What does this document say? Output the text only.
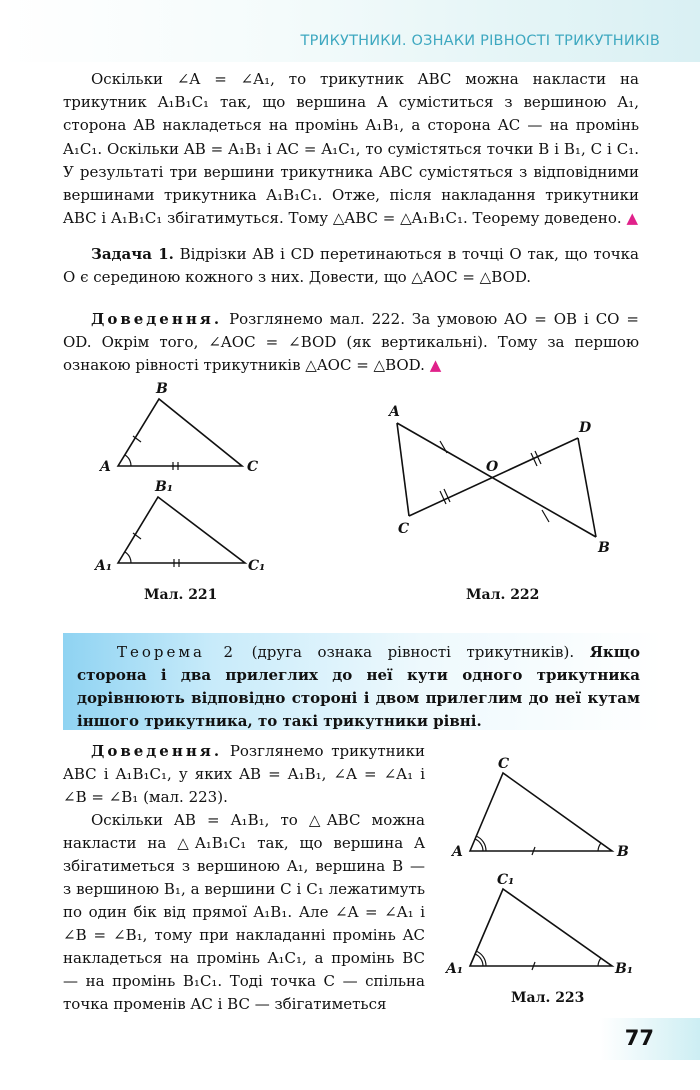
ТРИКУТНИКИ. ОЗНАКИ РІВНОСТІ ТРИКУТНИКІВ

Оскільки ∠A = ∠A₁, то трикутник ABC можна накласти на трикутник A₁B₁C₁ так, що вершина A суміститься з вершиною A₁, сторона AB накладеться на промінь A₁B₁, а сторона AC — на промінь A₁C₁. Оскільки AB = A₁B₁ і AC = A₁C₁, то сумістяться точки B і B₁, C і C₁. У результаті три вершини трикутника ABC сумістяться з відповідними вершинами трикутника A₁B₁C₁. Отже, після накладання трикутники ABC і A₁B₁C₁ збігатимуться. Тому △ABC = △A₁B₁C₁. Теорему доведено. ▲

Задача 1. Відрізки AB і CD перетинаються в точці O так, що точка O є серединою кожного з них. Довести, що △AOC = △BOD.

Доведення. Розглянемо мал. 222. За умовою AO = OB і CO = OD. Окрім того, ∠AOC = ∠BOD (як вертикальні). Тому за першою ознакою рівності трикутників △AOC = △BOD. ▲

A
B
C
A₁
B₁
C₁
A
B
C
D
O
A	B
C
A₁	B₁
C₁
Мал. 221	Мал. 222
Мал. 223
Теорема 2 (друга ознака рівності трикутників). Якщо сторона і два прилеглих до неї кути одного трикутника дорівнюють відповідно стороні і двом прилеглим до неї кутам іншого трикутника, то такі трикутники рівні.

Доведення. Розглянемо трикутники ABC і A₁B₁C₁, у яких AB = A₁B₁, ∠A = ∠A₁ і ∠B = ∠B₁ (мал. 223).

Оскільки AB = A₁B₁, то △ABC можна накласти на △A₁B₁C₁ так, що вершина A збігатиметься з вершиною A₁, вершина B — з вершиною B₁, а вершини C і C₁ лежатимуть по один бік від прямої A₁B₁. Але ∠A = ∠A₁ і ∠B = ∠B₁, тому при накладанні промінь AC накладеться на промінь A₁C₁, а промінь BC — на промінь B₁C₁. Тоді точка C — спільна точка променів AC і BC — збігатиметься

77
